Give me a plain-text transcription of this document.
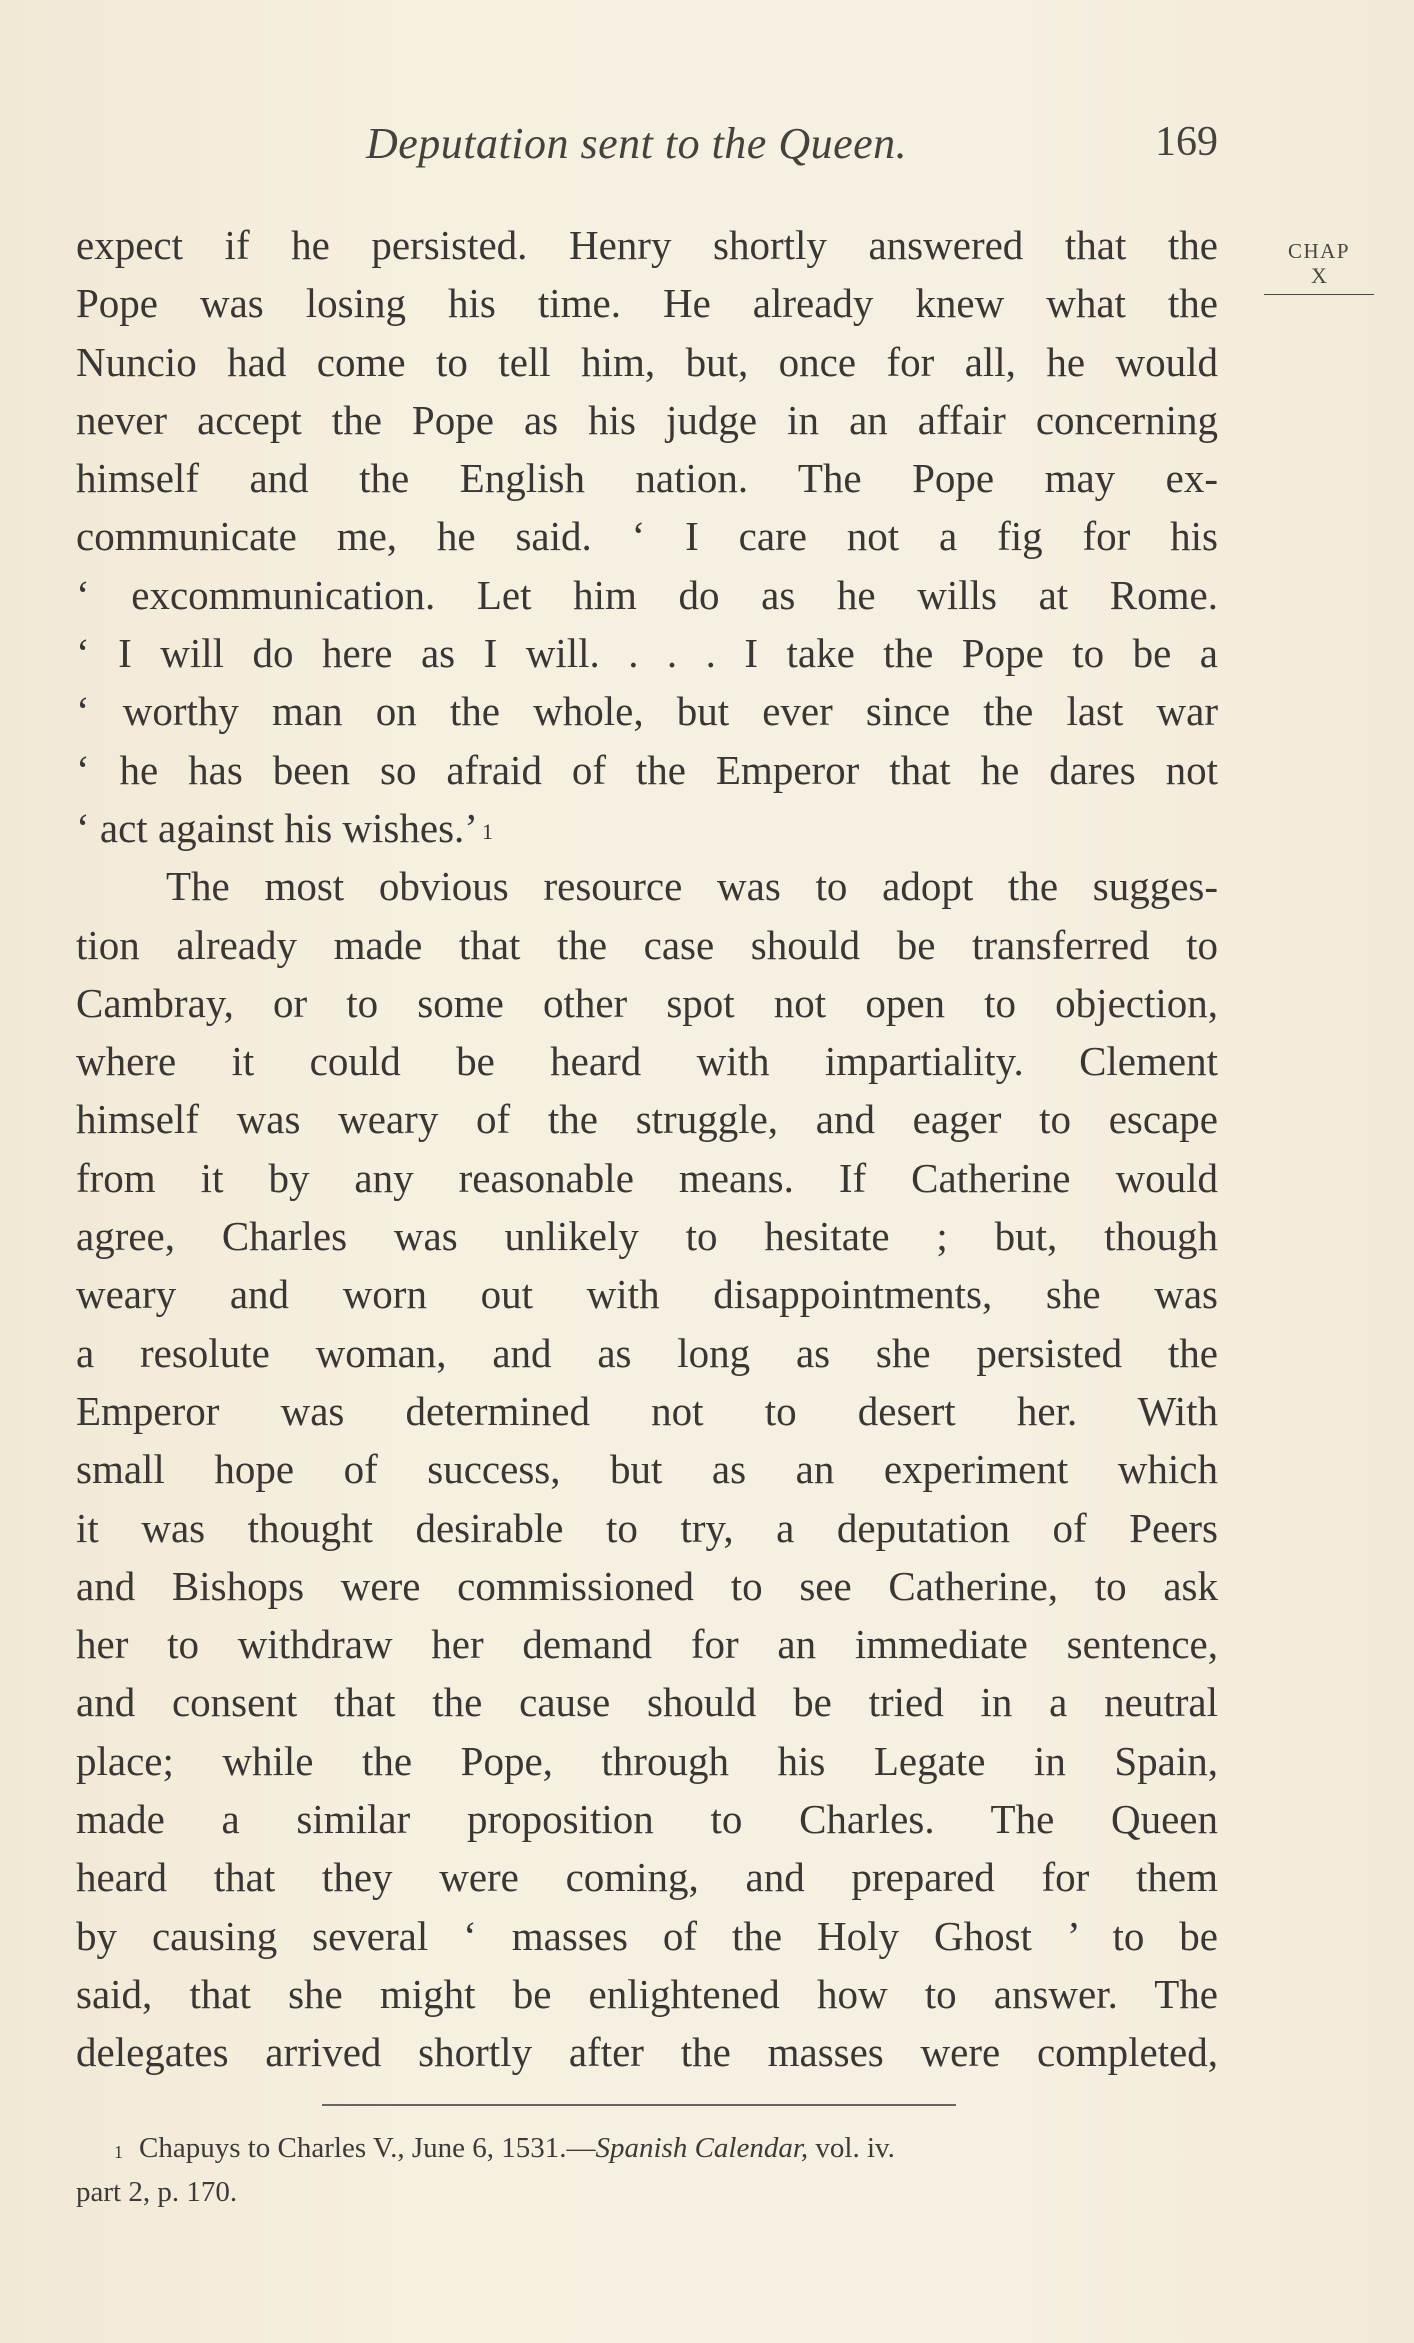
Deputation sent to the Queen.	169
CHAP
X
expect if he persisted. Henry shortly answered that the
Pope was losing his time. He already knew what the
Nuncio had come to tell him, but, once for all, he would
never accept the Pope as his judge in an affair concerning
himself and the English nation. The Pope may ex-
communicate me, he said. ‘ I care not a fig for his
‘ excommunication. Let him do as he wills at Rome.
‘ I will do here as I will. . . . I take the Pope to be a
‘ worthy man on the whole, but ever since the last war
‘ he has been so afraid of the Emperor that he dares not
‘ act against his wishes.’ $^1$
The most obvious resource was to adopt the sugges-
tion already made that the case should be transferred to
Cambray, or to some other spot not open to objection,
where it could be heard with impartiality. Clement
himself was weary of the struggle, and eager to escape
from it by any reasonable means. If Catherine would
agree, Charles was unlikely to hesitate ; but, though
weary and worn out with disappointments, she was
a resolute woman, and as long as she persisted the
Emperor was determined not to desert her. With
small hope of success, but as an experiment which
it was thought desirable to try, a deputation of Peers
and Bishops were commissioned to see Catherine, to ask
her to withdraw her demand for an immediate sentence,
and consent that the cause should be tried in a neutral
place; while the Pope, through his Legate in Spain,
made a similar proposition to Charles. The Queen
heard that they were coming, and prepared for them
by causing several ‘ masses of the Holy Ghost ’ to be
said, that she might be enlightened how to answer. The
delegates arrived shortly after the masses were completed,
$^1$ Chapuys to Charles V., June 6, 1531.—Spanish Calendar, vol. iv.
part 2, p. 170.
